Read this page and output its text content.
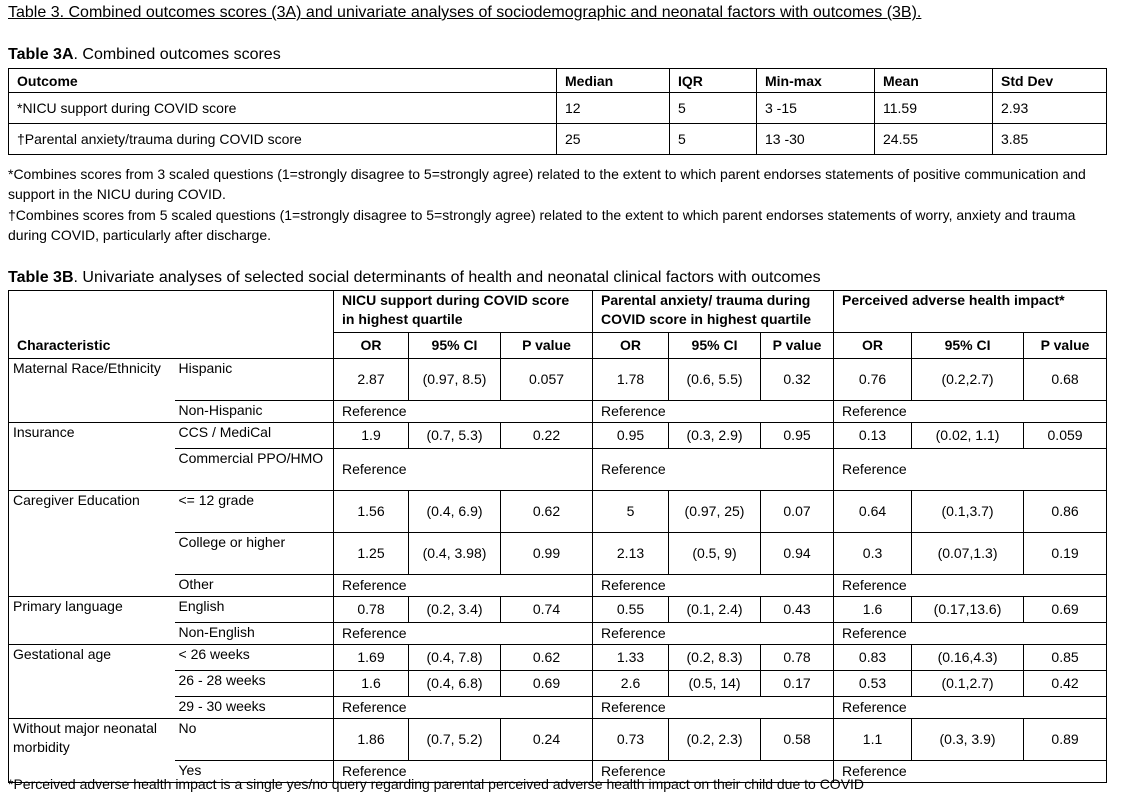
Table 3. Combined outcomes scores (3A) and univariate analyses of sociodemographic and neonatal factors with outcomes (3B).
Table 3A. Combined outcomes scores
Outcome	Median	IQR	Min-max	Mean	Std Dev
*NICU support during COVID score	12	5	3 -15	11.59	2.93
†Parental anxiety/trauma during COVID score	25	5	13 -30	24.55	3.85
*Combines scores from 3 scaled questions (1=strongly disagree to 5=strongly agree) related to the extent to which parent endorses statements of positive communication and support in the NICU during COVID.
†Combines scores from 5 scaled questions (1=strongly disagree to 5=strongly agree) related to the extent to which parent endorses statements of worry, anxiety and trauma during COVID, particularly after discharge.
Table 3B. Univariate analyses of selected social determinants of health and neonatal clinical factors with outcomes
		NICU support during COVID score in highest quartile			Parental anxiety/ trauma during COVID score in highest quartile			Perceived adverse health impact*		
Characteristic		OR	95% CI	P value	OR	95% CI	P value	OR	95% CI	P value
Maternal Race/Ethnicity	Hispanic	2.87	(0.97, 8.5)	0.057	1.78	(0.6, 5.5)	0.32	0.76	(0.2,2.7)	0.68
	Non-Hispanic	Reference			Reference			Reference		
Insurance	CCS / MediCal	1.9	(0.7, 5.3)	0.22	0.95	(0.3, 2.9)	0.95	0.13	(0.02, 1.1)	0.059
	Commercial PPO/HMO	Reference			Reference			Reference		
Caregiver Education	<= 12 grade	1.56	(0.4, 6.9)	0.62	5	(0.97, 25)	0.07	0.64	(0.1,3.7)	0.86
	College or higher	1.25	(0.4, 3.98)	0.99	2.13	(0.5, 9)	0.94	0.3	(0.07,1.3)	0.19
	Other	Reference			Reference			Reference		
Primary language	English	0.78	(0.2, 3.4)	0.74	0.55	(0.1, 2.4)	0.43	1.6	(0.17,13.6)	0.69
	Non-English	Reference			Reference			Reference		
Gestational age	< 26 weeks	1.69	(0.4, 7.8)	0.62	1.33	(0.2, 8.3)	0.78	0.83	(0.16,4.3)	0.85
	26 - 28 weeks	1.6	(0.4, 6.8)	0.69	2.6	(0.5, 14)	0.17	0.53	(0.1,2.7)	0.42
	29 - 30 weeks	Reference			Reference			Reference		
Without major neonatal morbidity	No	1.86	(0.7, 5.2)	0.24	0.73	(0.2, 2.3)	0.58	1.1	(0.3, 3.9)	0.89
	Yes	Reference			Reference			Reference		
*Perceived adverse health impact is a single yes/no query regarding parental perceived adverse health impact on their child due to COVID
